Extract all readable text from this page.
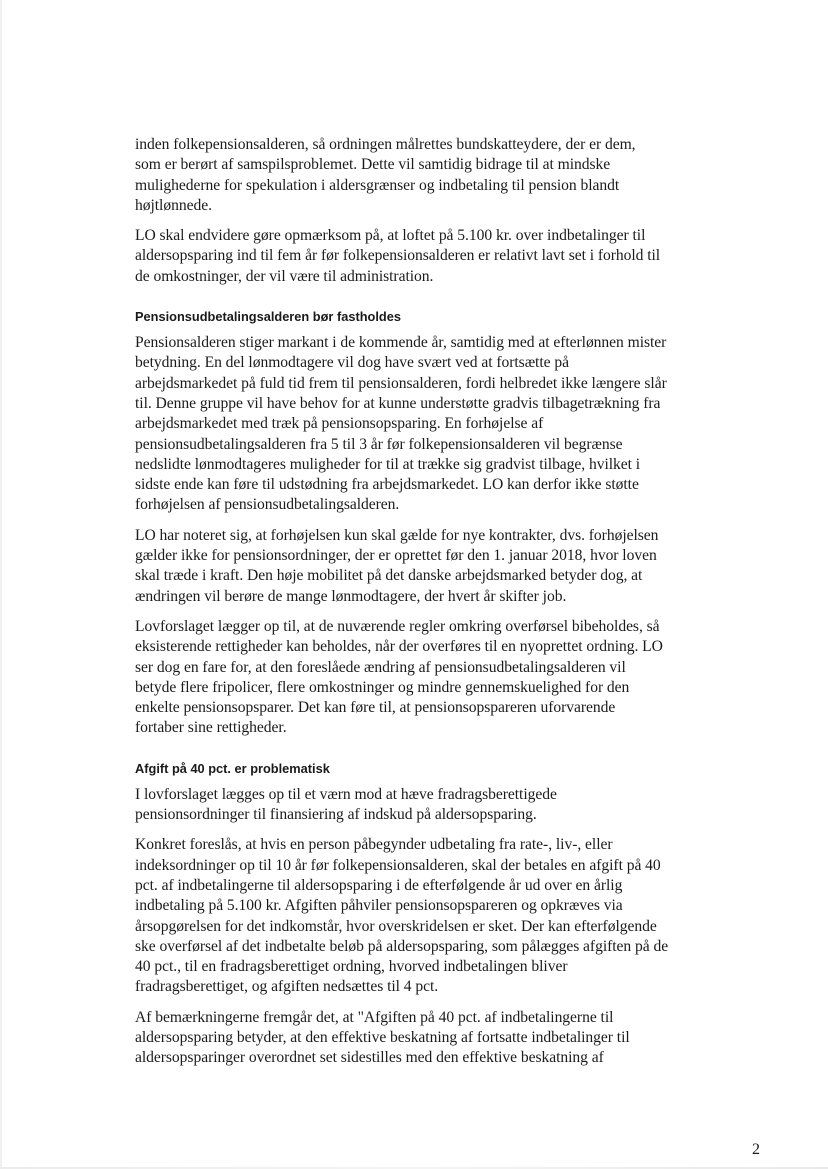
inden folkepensionsalderen, så ordningen målrettes bundskatteydere, der er dem,
som er berørt af samspilsproblemet. Dette vil samtidig bidrage til at mindske
mulighederne for spekulation i aldersgrænser og indbetaling til pension blandt
højtlønnede.

LO skal endvidere gøre opmærksom på, at loftet på 5.100 kr. over indbetalinger til
aldersopsparing ind til fem år før folkepensionsalderen er relativt lavt set i forhold til
de omkostninger, der vil være til administration.

Pensionsudbetalingsalderen bør fastholdes

Pensionsalderen stiger markant i de kommende år, samtidig med at efterlønnen mister
betydning. En del lønmodtagere vil dog have svært ved at fortsætte på
arbejdsmarkedet på fuld tid frem til pensionsalderen, fordi helbredet ikke længere slår
til. Denne gruppe vil have behov for at kunne understøtte gradvis tilbagetrækning fra
arbejdsmarkedet med træk på pensionsopsparing. En forhøjelse af
pensionsudbetalingsalderen fra 5 til 3 år før folkepensionsalderen vil begrænse
nedslidte lønmodtageres muligheder for til at trække sig gradvist tilbage, hvilket i
sidste ende kan føre til udstødning fra arbejdsmarkedet. LO kan derfor ikke støtte
forhøjelsen af pensionsudbetalingsalderen.

LO har noteret sig, at forhøjelsen kun skal gælde for nye kontrakter, dvs. forhøjelsen
gælder ikke for pensionsordninger, der er oprettet før den 1. januar 2018, hvor loven
skal træde i kraft. Den høje mobilitet på det danske arbejdsmarked betyder dog, at
ændringen vil berøre de mange lønmodtagere, der hvert år skifter job.

Lovforslaget lægger op til, at de nuværende regler omkring overførsel bibeholdes, så
eksisterende rettigheder kan beholdes, når der overføres til en nyoprettet ordning. LO
ser dog en fare for, at den foreslåede ændring af pensionsudbetalingsalderen vil
betyde flere fripolicer, flere omkostninger og mindre gennemskuelighed for den
enkelte pensionsopsparer. Det kan føre til, at pensionsopspareren uforvarende
fortaber sine rettigheder.

Afgift på 40 pct. er problematisk

I lovforslaget lægges op til et værn mod at hæve fradragsberettigede
pensionsordninger til finansiering af indskud på aldersopsparing.

Konkret foreslås, at hvis en person påbegynder udbetaling fra rate-, liv-, eller
indeksordninger op til 10 år før folkepensionsalderen, skal der betales en afgift på 40
pct. af indbetalingerne til aldersopsparing i de efterfølgende år ud over en årlig
indbetaling på 5.100 kr. Afgiften påhviler pensionsopspareren og opkræves via
årsopgørelsen for det indkomstår, hvor overskridelsen er sket. Der kan efterfølgende
ske overførsel af det indbetalte beløb på aldersopsparing, som pålægges afgiften på de
40 pct., til en fradragsberettiget ordning, hvorved indbetalingen bliver
fradragsberettiget, og afgiften nedsættes til 4 pct.

Af bemærkningerne fremgår det, at "Afgiften på 40 pct. af indbetalingerne til
aldersopsparing betyder, at den effektive beskatning af fortsatte indbetalinger til
aldersopsparinger overordnet set sidestilles med den effektive beskatning af

2
